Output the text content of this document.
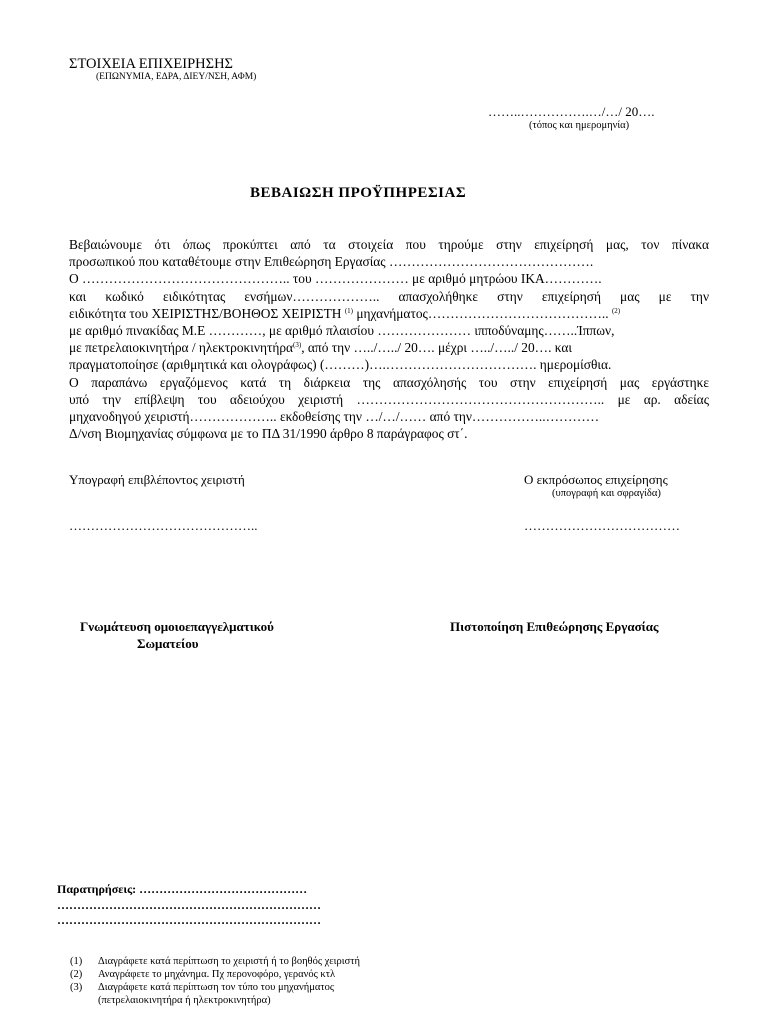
ΣΤΟΙΧΕΙΑ ΕΠΙΧΕΙΡΗΣΗΣ
(ΕΠΩΝΥΜΙΑ, ΕΔΡΑ, ΔΙΕΥ/ΝΣΗ, ΑΦΜ)
……..…………….…/…/ 20….
(τόπος και ημερομηνία)
ΒΕΒΑΙΩΣΗ ΠΡΟΫΠΗΡΕΣΙΑΣ
Βεβαιώνουμε ότι όπως προκύπτει από τα στοιχεία που τηρούμε στην επιχείρησή μας, τον πίνακα
προσωπικού που καταθέτουμε στην Επιθεώρηση Εργασίας ……………………………………….
Ο ……………………………………….. του ………………… με αριθμό μητρώου ΙΚΑ………….
και κωδικό ειδικότητας ενσήμων……………….. απασχολήθηκε στην επιχείρησή μας με την
ειδικότητα του ΧΕΙΡΙΣΤΗΣ/ΒΟΗΘΟΣ ΧΕΙΡΙΣΤΗ $^{(1)}$ μηχανήματος………………………………….. $^{(2)}$
με αριθμό πινακίδας Μ.Ε …………, με αριθμό πλαισίου ………………… ιπποδύναμης……..Ίππων,
με πετρελαιοκινητήρα / ηλεκτροκινητήρα$^{(3)}$, από την …../…../ 20…. μέχρι …../…../ 20…. και
πραγματοποίησε (αριθμητικά και ολογράφως) (………)….……………………………. ημερομίσθια.
Ο παραπάνω εργαζόμενος κατά τη διάρκεια της απασχόλησής του στην επιχείρησή μας εργάστηκε
υπό την επίβλεψη του αδειούχου χειριστή ……………………………………………….. με αρ. αδείας
μηχανοδηγού χειριστή……………….. εκδοθείσης την …/…/…… από την……………..…………
Δ/νση Βιομηχανίας σύμφωνα με το ΠΔ 31/1990 άρθρο 8 παράγραφος στ΄.
Υπογραφή επιβλέποντος χειριστή	Ο εκπρόσωπος επιχείρησης
(υπογραφή και σφραγίδα)
……………………………………..	………………………………
Γνωμάτευση ομοιοεπαγγελματικού
Σωματείου
Πιστοποίηση Επιθεώρησης Εργασίας
Παρατηρήσεις: ……………………………………
…………………………………………………………
…………………………………………………………
(1) Διαγράφετε κατά περίπτωση το χειριστή ή το βοηθός χειριστή
(2) Αναγράφετε το μηχάνημα. Πχ περονοφόρο, γερανός κτλ
(3) Διαγράφετε κατά περίπτωση τον τύπο του μηχανήματος
(πετρελαιοκινητήρα ή ηλεκτροκινητήρα)
